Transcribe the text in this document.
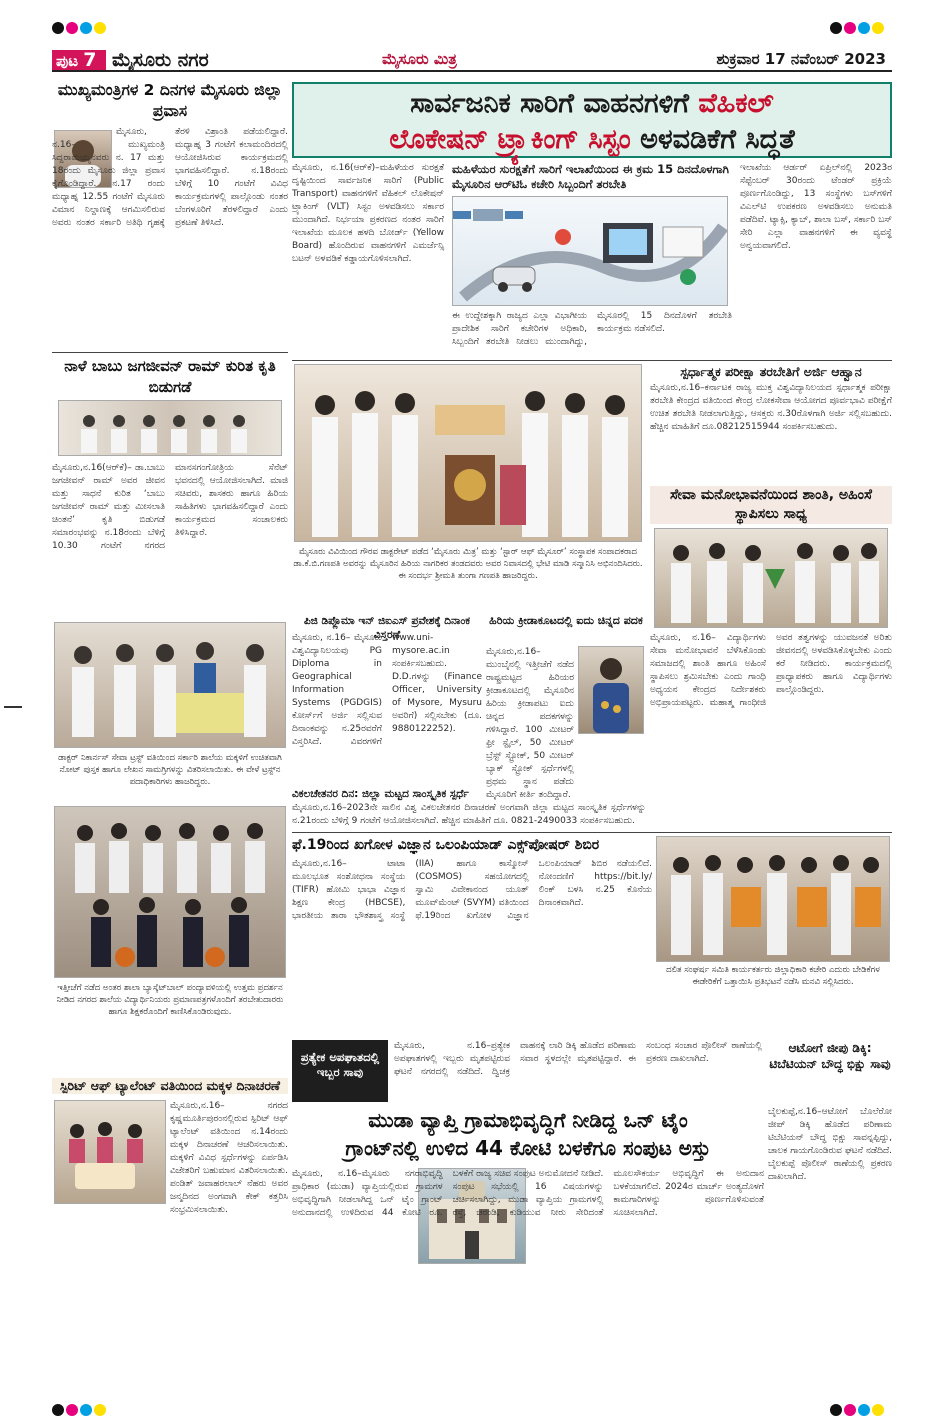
ಪುಟ 7 ಮೈಸೂರು ನಗರ	ಮೈಸೂರು ಮಿತ್ರ	ಶುಕ್ರವಾರ 17 ನವೆಂಬರ್ 2023
ಮುಖ್ಯಮಂತ್ರಿಗಳ 2 ದಿನಗಳ ಮೈಸೂರು ಜಿಲ್ಲಾ ಪ್ರವಾಸ
ಮೈಸೂರು, ನ.16– ಮುಖ್ಯಮಂತ್ರಿ ಸಿದ್ದರಾಮಯ್ಯನವರು ನ. 17 ಮತ್ತು 18ರಂದು ಮೈಸೂರು ಜಿಲ್ಲಾ ಪ್ರವಾಸ ಕೈಗೊಂಡಿದ್ದಾರೆ. ನ.17 ರಂದು ಮಧ್ಯಾಹ್ನ 12.55 ಗಂಟೆಗೆ ಮೈಸೂರು ವಿಮಾನ ನಿಲ್ದಾಣಕ್ಕೆ ಆಗಮಿಸಲಿರುವ ಅವರು ನಂತರ ಸರ್ಕಾರಿ ಅತಿಥಿ ಗೃಹಕ್ಕೆ ತೆರಳಿ ವಿಶ್ರಾಂತಿ ಪಡೆಯಲಿದ್ದಾರೆ. ಮಧ್ಯಾಹ್ನ 3 ಗಂಟೆಗೆ ಕಲಾಮಂದಿರದಲ್ಲಿ ಆಯೋಜಿಸಿರುವ ಕಾರ್ಯಕ್ರಮದಲ್ಲಿ ಭಾಗವಹಿಸಲಿದ್ದಾರೆ. ನ.18ರಂದು ಬೆಳಿಗ್ಗೆ 10 ಗಂಟೆಗೆ ವಿವಿಧ ಕಾರ್ಯಕ್ರಮಗಳಲ್ಲಿ ಪಾಲ್ಗೊಂಡು ನಂತರ ಬೆಂಗಳೂರಿಗೆ ತೆರಳಲಿದ್ದಾರೆ ಎಂದು ಪ್ರಕಟಣೆ ತಿಳಿಸಿದೆ.
ನಾಳೆ ಬಾಬು ಜಗಜೀವನ್ ರಾಮ್ ಕುರಿತ ಕೃತಿ ಬಿಡುಗಡೆ
ಮೈಸೂರು,ನ.16(ಆರ್‌ಕೆ)– ಡಾ.ಬಾಬು ಜಗಜೀವನ್ ರಾಮ್ ಅವರ ಜೀವನ ಮತ್ತು ಸಾಧನೆ ಕುರಿತ ‘ಬಾಬು ಜಗಜೀವನ್ ರಾಮ್ ಮತ್ತು ಮೀಸಲಾತಿ ಚಿಂತನೆ’ ಕೃತಿ ಬಿಡುಗಡೆ ಸಮಾರಂಭವನ್ನು ನ.18ರಂದು ಬೆಳಿಗ್ಗೆ 10.30 ಗಂಟೆಗೆ ನಗರದ ಮಾನಸಗಂಗೋತ್ರಿಯ ಸೆನೆಟ್ ಭವನದಲ್ಲಿ ಆಯೋಜಿಸಲಾಗಿದೆ. ಮಾಜಿ ಸಚಿವರು, ಶಾಸಕರು ಹಾಗೂ ಹಿರಿಯ ಸಾಹಿತಿಗಳು ಭಾಗವಹಿಸಲಿದ್ದಾರೆ ಎಂದು ಕಾರ್ಯಕ್ರಮದ ಸಂಚಾಲಕರು ತಿಳಿಸಿದ್ದಾರೆ.
ಡಾಕ್ಟರ್ ನಿಕಾರ್ನಸ್ ಸೇವಾ ಟ್ರಸ್ಟ್ ವತಿಯಿಂದ ಸರ್ಕಾರಿ ಶಾಲೆಯ ಮಕ್ಕಳಿಗೆ ಉಚಿತವಾಗಿ ನೋಟ್ ಪುಸ್ತಕ ಹಾಗೂ ಲೇಖನ ಸಾಮಗ್ರಿಗಳನ್ನು ವಿತರಿಸಲಾಯಿತು. ಈ ವೇಳೆ ಟ್ರಸ್ಟ್‌ನ ಪದಾಧಿಕಾರಿಗಳು ಹಾಜರಿದ್ದರು.
ಇತ್ತೀಚೆಗೆ ನಡೆದ ಅಂತರ ಶಾಲಾ ಬ್ಯಾಸ್ಕೆಟ್‌ಬಾಲ್ ಪಂದ್ಯಾವಳಿಯಲ್ಲಿ ಉತ್ತಮ ಪ್ರದರ್ಶನ ನೀಡಿದ ನಗರದ ಶಾಲೆಯ ವಿದ್ಯಾರ್ಥಿನಿಯರು ಪ್ರಮಾಣಪತ್ರಗಳೊಂದಿಗೆ ತರಬೇತುದಾರರು ಹಾಗೂ ಶಿಕ್ಷಕರೊಂದಿಗೆ ಕಾಣಿಸಿಕೊಂಡಿರುವುದು.
ಸ್ಪಿರಿಟ್ ಆಫ್ ಟ್ಯಾಲೆಂಟ್ ವತಿಯಿಂದ ಮಕ್ಕಳ ದಿನಾಚರಣೆ
ಮೈಸೂರು,ನ.16– ನಗರದ ಕೃಷ್ಣಮೂರ್ತಿಪುರಂನಲ್ಲಿರುವ ಸ್ಪಿರಿಟ್ ಆಫ್ ಟ್ಯಾಲೆಂಟ್ ವತಿಯಿಂದ ನ.14ರಂದು ಮಕ್ಕಳ ದಿನಾಚರಣೆ ಆಚರಿಸಲಾಯಿತು. ಮಕ್ಕಳಿಗೆ ವಿವಿಧ ಸ್ಪರ್ಧೆಗಳನ್ನು ಏರ್ಪಡಿಸಿ ವಿಜೇತರಿಗೆ ಬಹುಮಾನ ವಿತರಿಸಲಾಯಿತು. ಪಂಡಿತ್ ಜವಾಹರಲಾಲ್ ನೆಹರು ಅವರ ಜನ್ಮದಿನದ ಅಂಗವಾಗಿ ಕೇಕ್ ಕತ್ತರಿಸಿ ಸಂಭ್ರಮಿಸಲಾಯಿತು.
ಸಾರ್ವಜನಿಕ ಸಾರಿಗೆ ವಾಹನಗಳಿಗೆ ವೆಹಿಕಲ್
ಲೊಕೇಷನ್ ಟ್ರ್ಯಾಕಿಂಗ್ ಸಿಸ್ಟಂ ಅಳವಡಿಕೆಗೆ ಸಿದ್ಧತೆ
ಮೈಸೂರು, ನ.16(ಆರ್‌ಕೆ)–ಮಹಿಳೆಯರ ಸುರಕ್ಷತೆ ದೃಷ್ಟಿಯಿಂದ ಸಾರ್ವಜನಿಕ ಸಾರಿಗೆ (Public Transport) ವಾಹನಗಳಿಗೆ ವೆಹಿಕಲ್ ಲೊಕೇಷನ್ ಟ್ರ್ಯಾಕಿಂಗ್ (VLT) ಸಿಸ್ಟಂ ಅಳವಡಿಸಲು ಸರ್ಕಾರ ಮುಂದಾಗಿದೆ. ನಿರ್ಭಯಾ ಪ್ರಕರಣದ ನಂತರ ಸಾರಿಗೆ ಇಲಾಖೆಯ ಮೂಲಕ ಹಳದಿ ಬೋರ್ಡ್ (Yellow Board) ಹೊಂದಿರುವ ವಾಹನಗಳಿಗೆ ಎಮರ್ಜೆನ್ಸಿ ಬಟನ್ ಅಳವಡಿಕೆ ಕಡ್ಡಾಯಗೊಳಿಸಲಾಗಿದೆ.
ಮಹಿಳೆಯರ ಸುರಕ್ಷತೆಗೆ ಸಾರಿಗೆ ಇಲಾಖೆಯಿಂದ ಈ ಕ್ರಮ 15 ದಿನದೊಳಗಾಗಿ ಮೈಸೂರಿನ ಆರ್‌ಟಿಓ ಕಚೇರಿ ಸಿಬ್ಬಂದಿಗೆ ತರಬೇತಿ
ಈ ಉದ್ದೇಶಕ್ಕಾಗಿ ರಾಜ್ಯದ ಎಲ್ಲಾ ವಿಭಾಗೀಯ ಪ್ರಾದೇಶಿಕ ಸಾರಿಗೆ ಕಚೇರಿಗಳ ಅಧಿಕಾರಿ, ಸಿಬ್ಬಂದಿಗೆ ತರಬೇತಿ ನೀಡಲು ಮುಂದಾಗಿದ್ದು, ಮೈಸೂರಲ್ಲಿ 15 ದಿನದೊಳಗೆ ತರಬೇತಿ ಕಾರ್ಯಕ್ರಮ ನಡೆಸಲಿದೆ.
ಇಲಾಖೆಯ ಆರ್ಡರ್ ಏಪ್ರಿಲ್‌ನಲ್ಲಿ 2023ರ ಸೆಪ್ಟೆಂಬರ್ 30ರಂದು ಟೆಂಡರ್ ಪ್ರಕ್ರಿಯೆ ಪೂರ್ಣಗೊಂಡಿದ್ದು, 13 ಸಂಸ್ಥೆಗಳು ಬಸ್‌ಗಳಿಗೆ ವಿಎಲ್‌ಟಿ ಉಪಕರಣ ಅಳವಡಿಸಲು ಅನುಮತಿ ಪಡೆದಿವೆ. ಟ್ಯಾಕ್ಸಿ, ಕ್ಯಾಬ್, ಶಾಲಾ ಬಸ್, ಸರ್ಕಾರಿ ಬಸ್ ಸೇರಿ ಎಲ್ಲಾ ವಾಹನಗಳಿಗೆ ಈ ವ್ಯವಸ್ಥೆ ಅನ್ವಯವಾಗಲಿದೆ.
ಮೈಸೂರು ವಿವಿಯಿಂದ ಗೌರವ ಡಾಕ್ಟರೇಟ್ ಪಡೆದ ‘ಮೈಸೂರು ಮಿತ್ರ’ ಮತ್ತು ‘ಸ್ಟಾರ್ ಆಫ್ ಮೈಸೂರ್’ ಸಂಸ್ಥಾಪಕ ಸಂಪಾದಕರಾದ ಡಾ.ಕೆ.ಬಿ.ಗಣಪತಿ ಅವರನ್ನು ಮೈಸೂರಿನ ಹಿರಿಯ ನಾಗರಿಕರ ತಂಡದವರು ಅವರ ನಿವಾಸದಲ್ಲಿ ಭೇಟಿ ಮಾಡಿ ಸನ್ಮಾನಿಸಿ ಅಭಿನಂದಿಸಿದರು. ಈ ಸಂದರ್ಭ ಶ್ರೀಮತಿ ತುಂಗಾ ಗಣಪತಿ ಹಾಜರಿದ್ದರು.
ಸ್ಪರ್ಧಾತ್ಮಕ ಪರೀಕ್ಷಾ ತರಬೇತಿಗೆ ಅರ್ಜಿ ಆಹ್ವಾನ
ಮೈಸೂರು,ನ.16–ಕರ್ನಾಟಕ ರಾಜ್ಯ ಮುಕ್ತ ವಿಶ್ವವಿದ್ಯಾನಿಲಯದ ಸ್ಪರ್ಧಾತ್ಮಕ ಪರೀಕ್ಷಾ ತರಬೇತಿ ಕೇಂದ್ರದ ವತಿಯಿಂದ ಕೇಂದ್ರ ಲೋಕಸೇವಾ ಆಯೋಗದ ಪೂರ್ವಭಾವಿ ಪರೀಕ್ಷೆಗೆ ಉಚಿತ ತರಬೇತಿ ನೀಡಲಾಗುತ್ತಿದ್ದು, ಆಸಕ್ತರು ನ.30ರೊಳಗಾಗಿ ಅರ್ಜಿ ಸಲ್ಲಿಸಬಹುದು. ಹೆಚ್ಚಿನ ಮಾಹಿತಿಗೆ ದೂ.08212515944 ಸಂಪರ್ಕಿಸಬಹುದು.
ಸೇವಾ ಮನೋಭಾವನೆಯಿಂದ ಶಾಂತಿ, ಅಹಿಂಸೆ ಸ್ಥಾಪಿಸಲು ಸಾಧ್ಯ
ಮೈಸೂರು, ನ.16– ವಿದ್ಯಾರ್ಥಿಗಳು ಸೇವಾ ಮನೋಭಾವನೆ ಬೆಳೆಸಿಕೊಂಡು ಸಮಾಜದಲ್ಲಿ ಶಾಂತಿ ಹಾಗೂ ಅಹಿಂಸೆ ಸ್ಥಾಪಿಸಲು ಶ್ರಮಿಸಬೇಕು ಎಂದು ಗಾಂಧಿ ಅಧ್ಯಯನ ಕೇಂದ್ರದ ನಿರ್ದೇಶಕರು ಅಭಿಪ್ರಾಯಪಟ್ಟರು. ಮಹಾತ್ಮ ಗಾಂಧೀಜಿ ಅವರ ತತ್ವಗಳನ್ನು ಯುವಜನತೆ ಅರಿತು ಜೀವನದಲ್ಲಿ ಅಳವಡಿಸಿಕೊಳ್ಳಬೇಕು ಎಂದು ಕರೆ ನೀಡಿದರು. ಕಾರ್ಯಕ್ರಮದಲ್ಲಿ ಪ್ರಾಧ್ಯಾಪಕರು ಹಾಗೂ ವಿದ್ಯಾರ್ಥಿಗಳು ಪಾಲ್ಗೊಂಡಿದ್ದರು.
ಪಿಜಿ ಡಿಪ್ಲೊಮಾ ಇನ್ ಜಿಐಎಸ್ ಪ್ರವೇಶಕ್ಕೆ ದಿನಾಂಕ ವಿಸ್ತರಣೆ
ಮೈಸೂರು, ನ.16– ಮೈಸೂರು ವಿಶ್ವವಿದ್ಯಾನಿಲಯವು PG Diploma in Geographical Information Systems (PGDGIS) ಕೋರ್ಸ್‌ಗೆ ಅರ್ಜಿ ಸಲ್ಲಿಸುವ ದಿನಾಂಕವನ್ನು ನ.25ರವರೆಗೆ ವಿಸ್ತರಿಸಿದೆ. ವಿವರಗಳಿಗೆ www.uni-mysore.ac.in ಸಂಪರ್ಕಿಸಬಹುದು. D.D.ಗಳನ್ನು (Finance Officer, University of Mysore, Mysuru ಅವರಿಗೆ) ಸಲ್ಲಿಸಬೇಕು (ದೂ. 9880122252).
ಹಿರಿಯ ಕ್ರೀಡಾಕೂಟದಲ್ಲಿ ಐದು ಚಿನ್ನದ ಪದಕ
ಮೈಸೂರು,ನ.16– ಮುಂಬೈನಲ್ಲಿ ಇತ್ತೀಚೆಗೆ ನಡೆದ ರಾಷ್ಟ್ರಮಟ್ಟದ ಹಿರಿಯರ ಕ್ರೀಡಾಕೂಟದಲ್ಲಿ ಮೈಸೂರಿನ ಹಿರಿಯ ಕ್ರೀಡಾಪಟು ಐದು ಚಿನ್ನದ ಪದಕಗಳನ್ನು ಗಳಿಸಿದ್ದಾರೆ. 100 ಮೀಟರ್ ಫ್ರೀ ಸ್ಟೈಲ್, 50 ಮೀಟರ್ ಬ್ರೆಸ್ಟ್ ಸ್ಟ್ರೋಕ್, 50 ಮೀಟರ್ ಬ್ಯಾಕ್ ಸ್ಟ್ರೋಕ್ ಸ್ಪರ್ಧೆಗಳಲ್ಲಿ ಪ್ರಥಮ ಸ್ಥಾನ ಪಡೆದು ಮೈಸೂರಿಗೆ ಕೀರ್ತಿ ತಂದಿದ್ದಾರೆ.
ವಿಕಲಚೇತನರ ದಿನ: ಜಿಲ್ಲಾ ಮಟ್ಟದ ಸಾಂಸ್ಕೃತಿಕ ಸ್ಪರ್ಧೆ
ಮೈಸೂರು,ನ.16–2023ನೇ ಸಾಲಿನ ವಿಶ್ವ ವಿಕಲಚೇತನರ ದಿನಾಚರಣೆ ಅಂಗವಾಗಿ ಜಿಲ್ಲಾ ಮಟ್ಟದ ಸಾಂಸ್ಕೃತಿಕ ಸ್ಪರ್ಧೆಗಳನ್ನು ನ.21ರಂದು ಬೆಳಿಗ್ಗೆ 9 ಗಂಟೆಗೆ ಆಯೋಜಿಸಲಾಗಿದೆ. ಹೆಚ್ಚಿನ ಮಾಹಿತಿಗೆ ದೂ. 0821-2490033 ಸಂಪರ್ಕಿಸಬಹುದು.
ಫೆ.19ರಿಂದ ಖಗೋಳ ವಿಜ್ಞಾನ ಒಲಂಪಿಯಾಡ್ ಎಕ್ಸ್‌ಪೋಷರ್ ಶಿಬಿರ
ಮೈಸೂರು,ನ.16– ಟಾಟಾ ಮೂಲಭೂತ ಸಂಶೋಧನಾ ಸಂಸ್ಥೆಯ (TIFR) ಹೋಮಿ ಭಾಭಾ ವಿಜ್ಞಾನ ಶಿಕ್ಷಣ ಕೇಂದ್ರ (HBCSE), ಭಾರತೀಯ ತಾರಾ ಭೌತಶಾಸ್ತ್ರ ಸಂಸ್ಥೆ (IIA) ಹಾಗೂ ಕಾಸ್ಮೋಸ್ (COSMOS) ಸಹಯೋಗದಲ್ಲಿ ಸ್ವಾಮಿ ವಿವೇಕಾನಂದ ಯೂತ್ ಮೂವ್‌ಮೆಂಟ್ (SVYM) ವತಿಯಿಂದ ಫೆ.19ರಿಂದ ಖಗೋಳ ವಿಜ್ಞಾನ ಒಲಂಪಿಯಾಡ್ ಶಿಬಿರ ನಡೆಯಲಿದೆ. ನೋಂದಣಿಗೆ https://bit.ly/ ಲಿಂಕ್ ಬಳಸಿ ನ.25 ಕೊನೆಯ ದಿನಾಂಕವಾಗಿದೆ.
ದಲಿತ ಸಂಘರ್ಷ ಸಮಿತಿ ಕಾರ್ಯಕರ್ತರು ಜಿಲ್ಲಾಧಿಕಾರಿ ಕಚೇರಿ ಎದುರು ಬೇಡಿಕೆಗಳ ಈಡೇರಿಕೆಗೆ ಒತ್ತಾಯಿಸಿ ಪ್ರತಿಭಟನೆ ನಡೆಸಿ ಮನವಿ ಸಲ್ಲಿಸಿದರು.
ಪ್ರತ್ಯೇಕ ಅಪಘಾತದಲ್ಲಿ ಇಬ್ಬರ ಸಾವು
ಮೈಸೂರು, ನ.16–ಪ್ರತ್ಯೇಕ ಅಪಘಾತಗಳಲ್ಲಿ ಇಬ್ಬರು ಮೃತಪಟ್ಟಿರುವ ಘಟನೆ ನಗರದಲ್ಲಿ ನಡೆದಿದೆ. ದ್ವಿಚಕ್ರ ವಾಹನಕ್ಕೆ ಲಾರಿ ಡಿಕ್ಕಿ ಹೊಡೆದ ಪರಿಣಾಮ ಸವಾರ ಸ್ಥಳದಲ್ಲೇ ಮೃತಪಟ್ಟಿದ್ದಾರೆ. ಈ ಸಂಬಂಧ ಸಂಚಾರ ಪೊಲೀಸ್ ಠಾಣೆಯಲ್ಲಿ ಪ್ರಕರಣ ದಾಖಲಾಗಿದೆ.
ಆಟೋಗೆ ಜೀಪು ಡಿಕ್ಕಿ: ಟಿಬೆಟಿಯನ್ ಬೌದ್ಧ ಭಿಕ್ಷು ಸಾವು
ಬೈಲಕುಪ್ಪೆ,ನ.16–ಆಟೋಗೆ ಬೊಲೆರೋ ಜೀಪ್ ಡಿಕ್ಕಿ ಹೊಡೆದ ಪರಿಣಾಮ ಟಿಬೆಟಿಯನ್ ಬೌದ್ಧ ಭಿಕ್ಷು ಸಾವನ್ನಪ್ಪಿದ್ದು, ಚಾಲಕ ಗಾಯಗೊಂಡಿರುವ ಘಟನೆ ನಡೆದಿದೆ. ಬೈಲಕುಪ್ಪೆ ಪೊಲೀಸ್ ಠಾಣೆಯಲ್ಲಿ ಪ್ರಕರಣ ದಾಖಲಾಗಿದೆ.
ಮುಡಾ ವ್ಯಾಪ್ತಿ ಗ್ರಾಮಾಭಿವೃದ್ಧಿಗೆ ನೀಡಿದ್ದ ಒನ್ ಟೈಂ
ಗ್ರಾಂಟ್‌ನಲ್ಲಿ ಉಳಿದ 44 ಕೋಟಿ ಬಳಕೆಗೂ ಸಂಪುಟ ಅಸ್ತು
ಮೈಸೂರು, ನ.16–ಮೈಸೂರು ನಗರಾಭಿವೃದ್ಧಿ ಪ್ರಾಧಿಕಾರ (ಮುಡಾ) ವ್ಯಾಪ್ತಿಯಲ್ಲಿರುವ ಗ್ರಾಮಗಳ ಅಭಿವೃದ್ಧಿಗಾಗಿ ನೀಡಲಾಗಿದ್ದ ಒನ್ ಟೈಂ ಗ್ರಾಂಟ್ ಅನುದಾನದಲ್ಲಿ ಉಳಿದಿರುವ 44 ಕೋಟಿ ರೂ. ಬಳಕೆಗೆ ರಾಜ್ಯ ಸಚಿವ ಸಂಪುಟ ಅನುಮೋದನೆ ನೀಡಿದೆ. ಸಂಪುಟ ಸಭೆಯಲ್ಲಿ 16 ವಿಷಯಗಳನ್ನು ಚರ್ಚಿಸಲಾಗಿದ್ದು, ಮುಡಾ ವ್ಯಾಪ್ತಿಯ ಗ್ರಾಮಗಳಲ್ಲಿ ರಸ್ತೆ, ಚರಂಡಿ, ಕುಡಿಯುವ ನೀರು ಸೇರಿದಂತೆ ಮೂಲಸೌಕರ್ಯ ಅಭಿವೃದ್ಧಿಗೆ ಈ ಅನುದಾನ ಬಳಕೆಯಾಗಲಿದೆ. 2024ರ ಮಾರ್ಚ್ ಅಂತ್ಯದೊಳಗೆ ಕಾಮಗಾರಿಗಳನ್ನು ಪೂರ್ಣಗೊಳಿಸುವಂತೆ ಸೂಚಿಸಲಾಗಿದೆ.
